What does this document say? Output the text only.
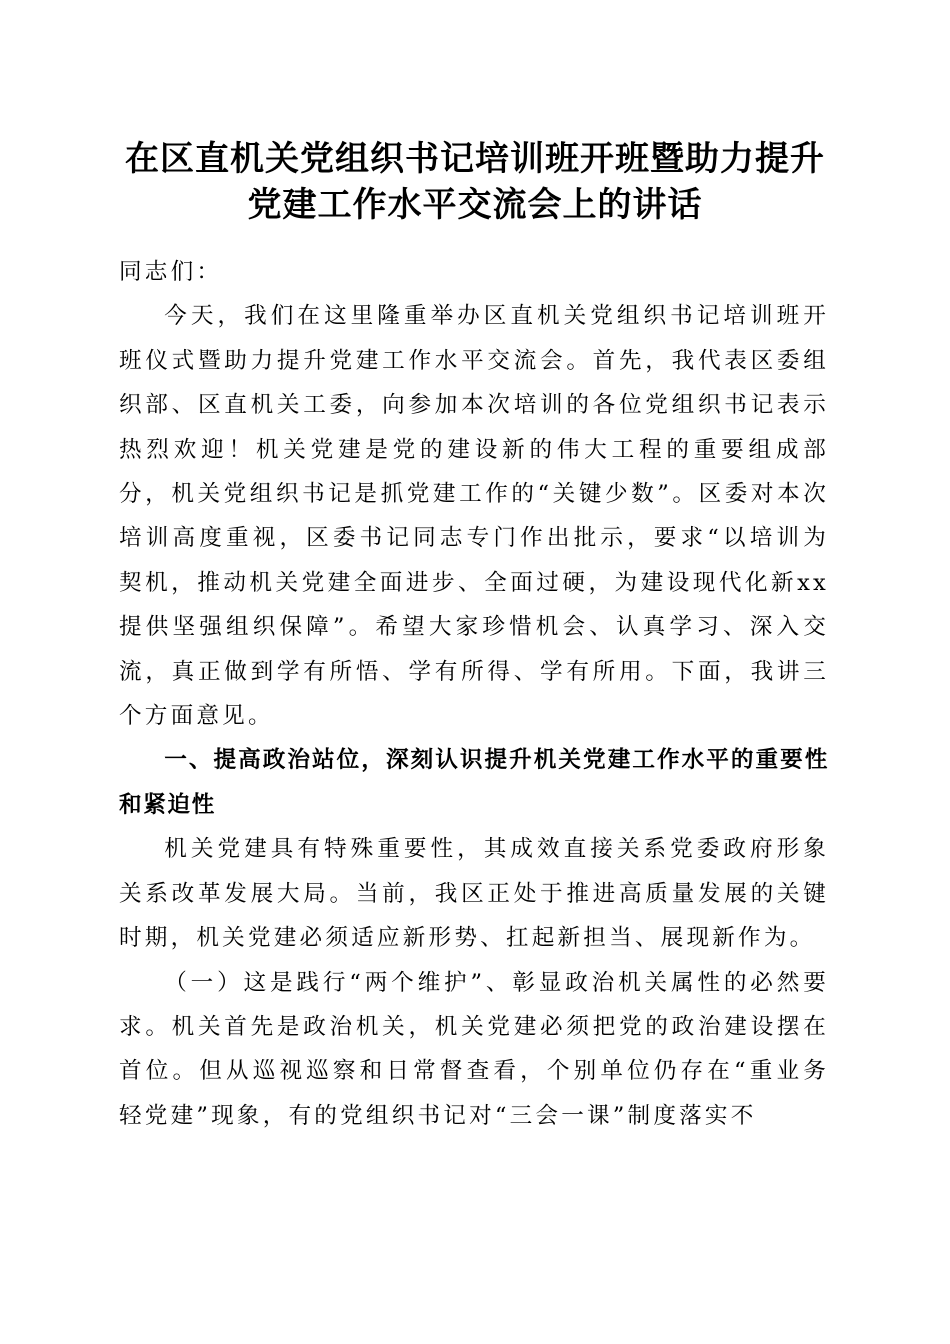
在区直机关党组织书记培训班开班暨助力提升
党建工作水平交流会上的讲话

同志们：

今天，我们在这里隆重举办区直机关党组织书记培训班开班仪式暨助力提升党建工作水平交流会。首先，我代表区委组织部、区直机关工委，向参加本次培训的各位党组织书记表示热烈欢迎！机关党建是党的建设新的伟大工程的重要组成部分，机关党组织书记是抓党建工作的“关键少数”。区委对本次培训高度重视，区委书记同志专门作出批示，要求“以培训为契机，推动机关党建全面进步、全面过硬，为建设现代化新xx提供坚强组织保障”。希望大家珍惜机会、认真学习、深入交流，真正做到学有所悟、学有所得、学有所用。下面，我讲三个方面意见。

一、提高政治站位，深刻认识提升机关党建工作水平的重要性和紧迫性

机关党建具有特殊重要性，其成效直接关系党委政府形象关系改革发展大局。当前，我区正处于推进高质量发展的关键时期，机关党建必须适应新形势、扛起新担当、展现新作为。

（一）这是践行“两个维护”、彰显政治机关属性的必然要求。机关首先是政治机关，机关党建必须把党的政治建设摆在首位。但从巡视巡察和日常督查看，个别单位仍存在“重业务轻党建”现象，有的党组织书记对“三会一课”制度落实不
